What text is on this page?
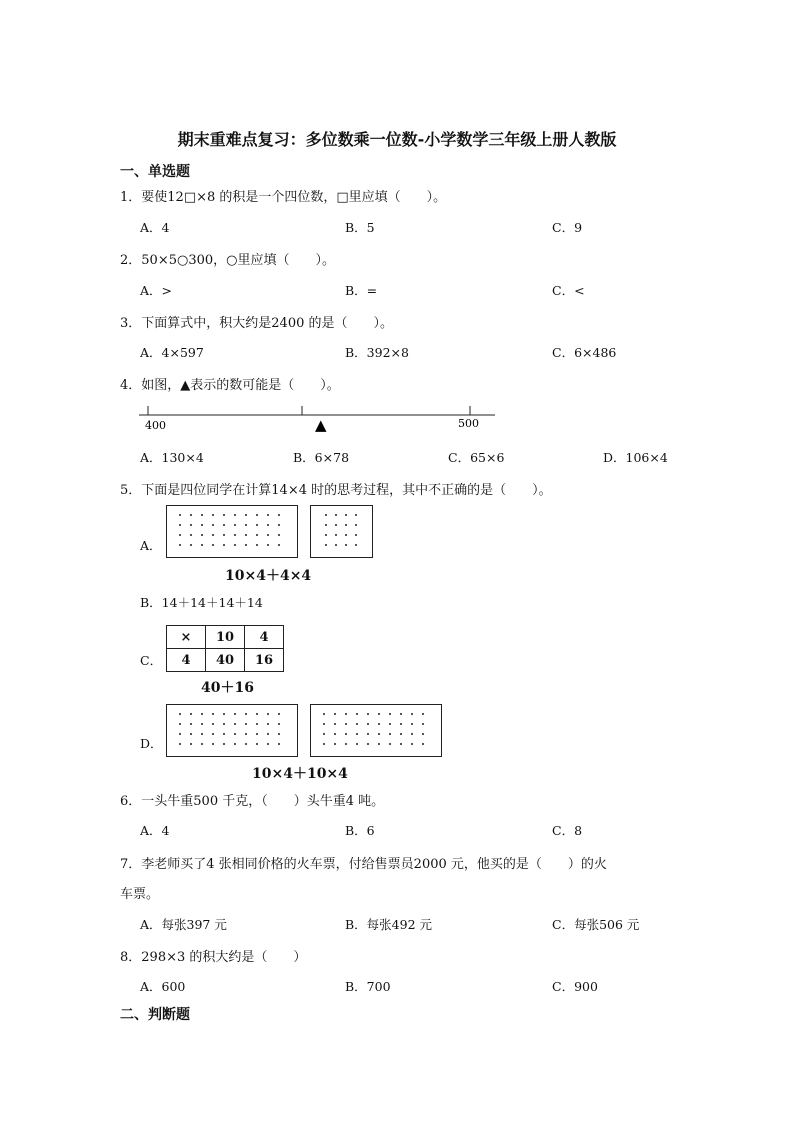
期末重难点复习：多位数乘一位数-小学数学三年级上册人教版
一、单选题
1．要使12□×8 的积是一个四位数，□里应填（　　）。
A．4	B．5	C．9
2．50×5○300，○里应填（　　）。
A．>	B．=	C．<
3．下面算式中，积大约是2400 的是（　　）。
A．4×597	B．392×8	C．6×486
4．如图，▲表示的数可能是（　　）。
400	500
▲
A．130×4	B．6×78	C．65×6	D．106×4
5．下面是四位同学在计算14×4 时的思考过程，其中不正确的是（　　）。
A．
10×4＋4×4
B．14＋14＋14＋14
C．
×	10	4
4	40	16
40＋16
D．
10×4＋10×4
6．一头牛重500 千克，（　　）头牛重4 吨。
A．4	B．6	C．8
7．李老师买了4 张相同价格的火车票，付给售票员2000 元，他买的是（　　）的火
车票。
A．每张397 元	B．每张492 元	C．每张506 元
8．298×3 的积大约是（　　）
A．600	B．700	C．900
二、判断题
